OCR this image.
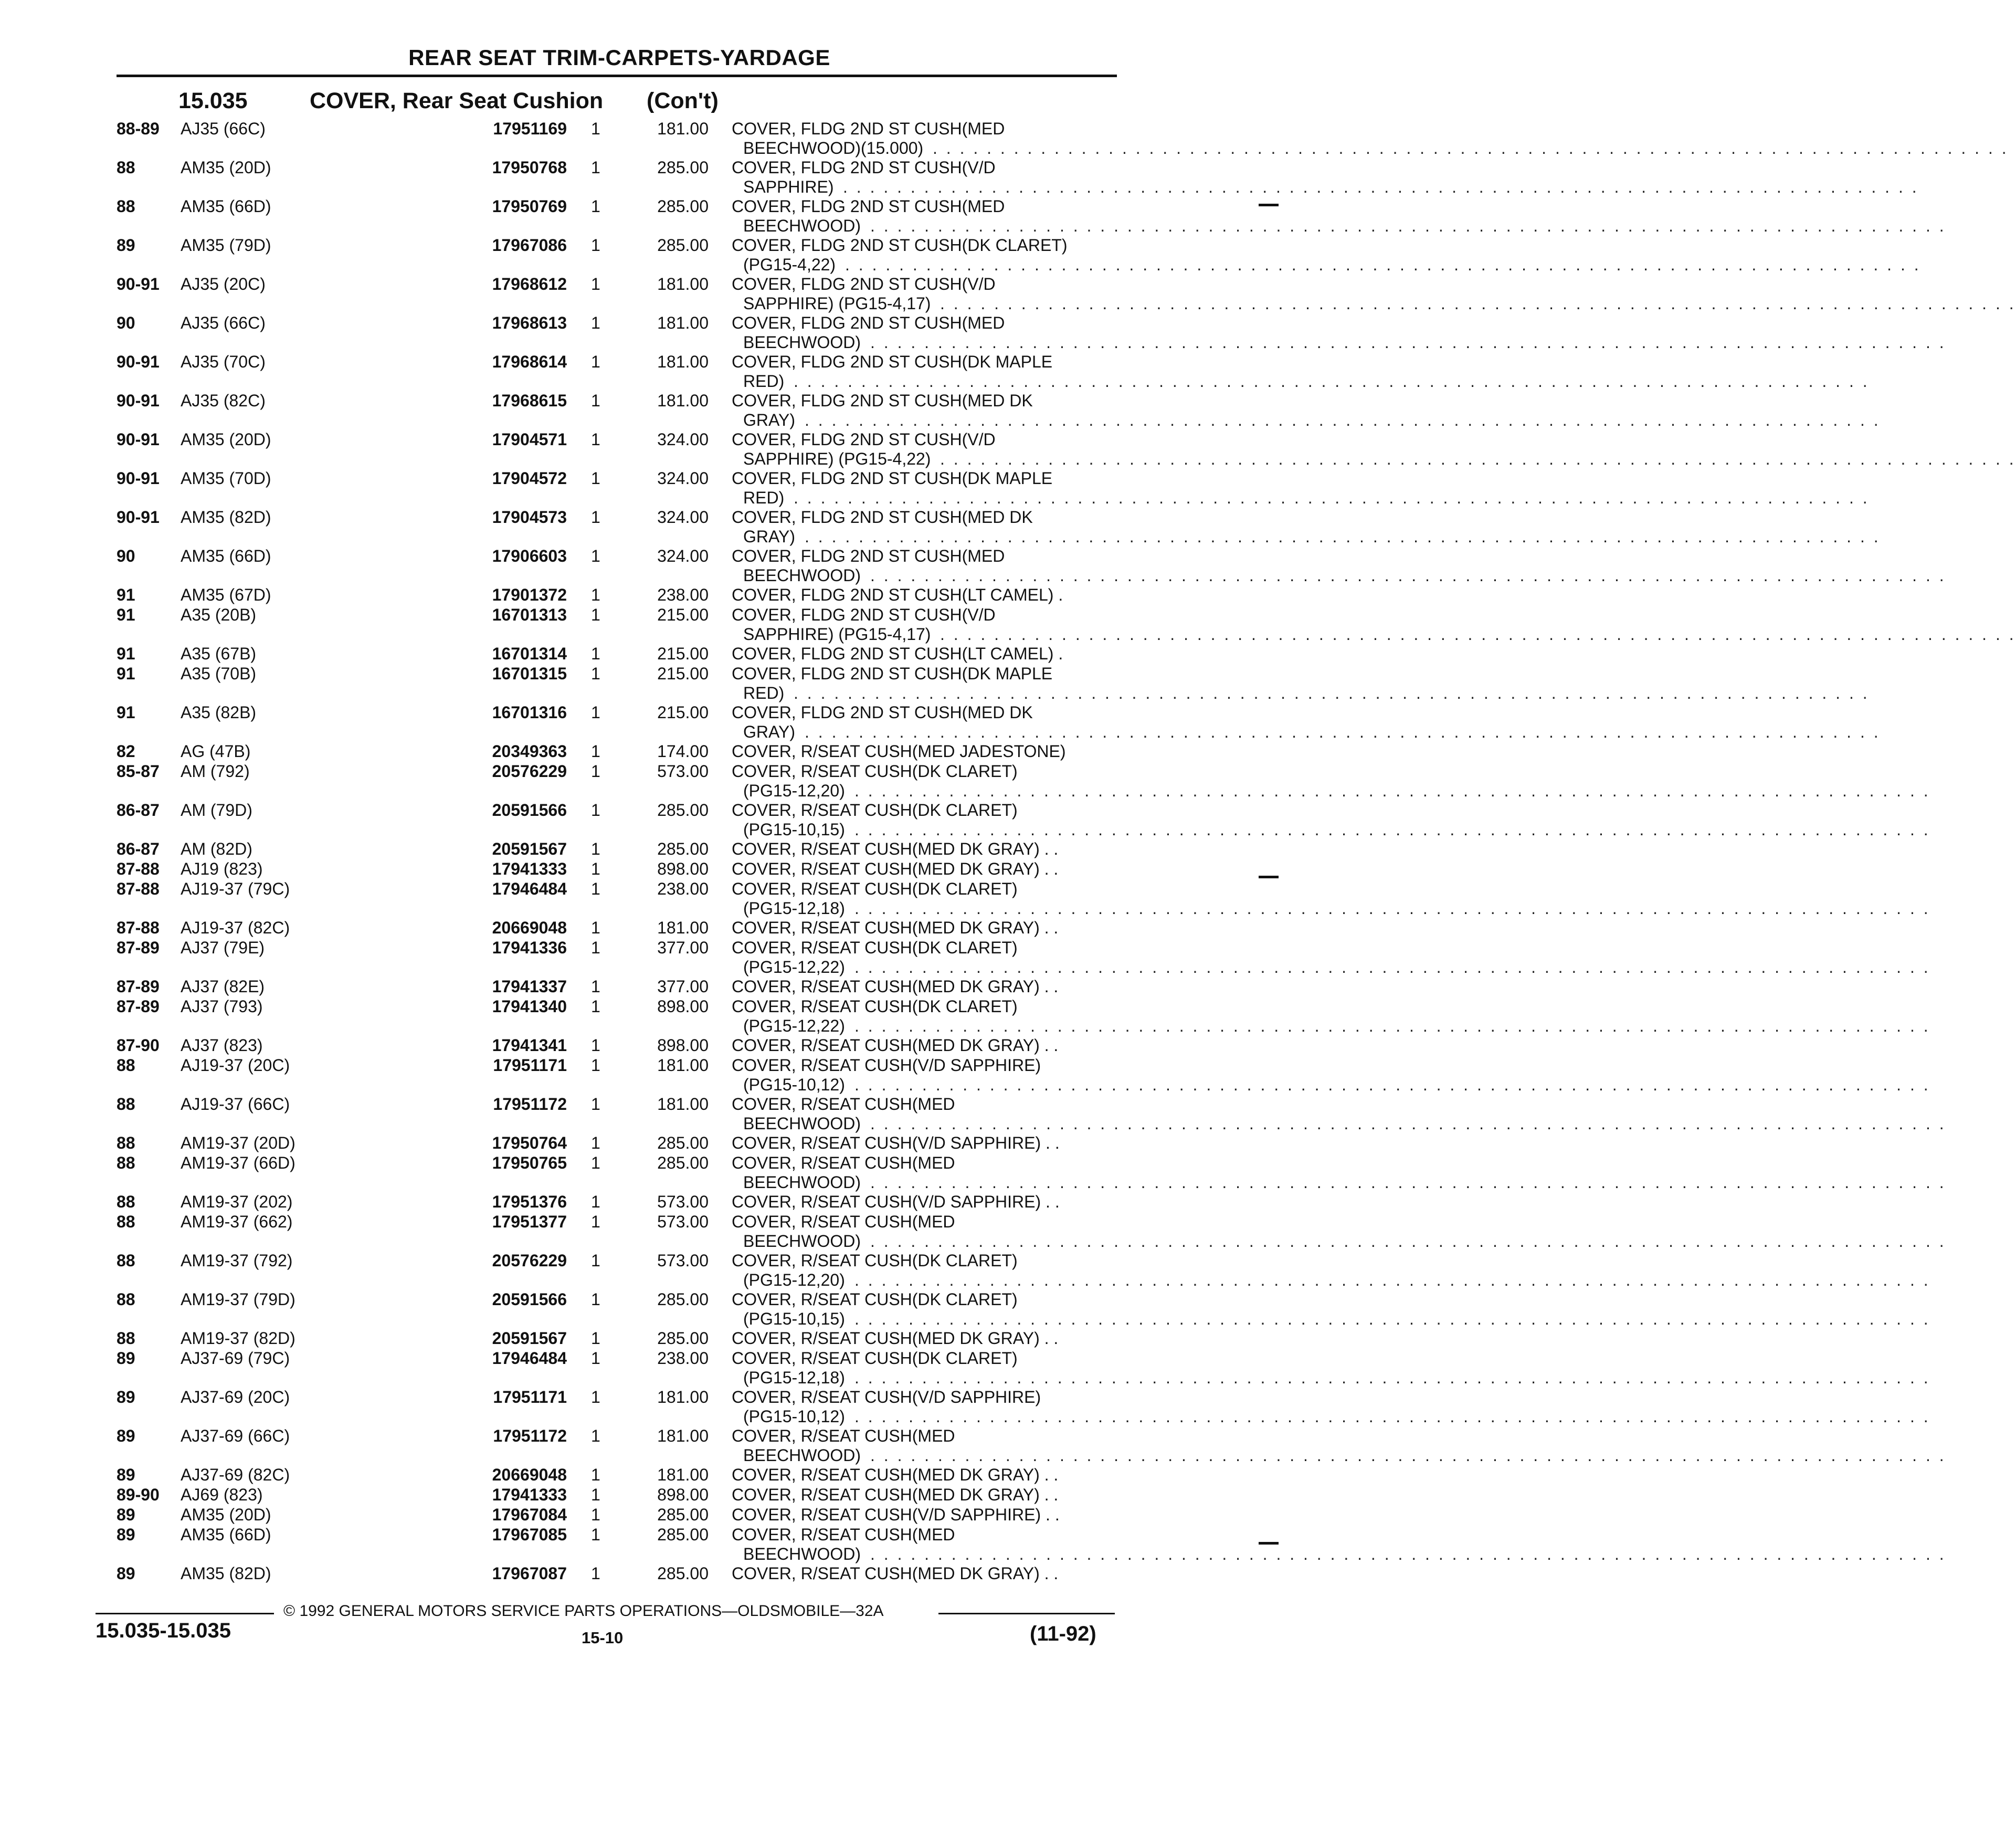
REAR SEAT TRIM-CARPETS-YARDAGE
15.035	COVER, Rear Seat Cushion (Con't)
88-89 AJ35 (66C)	17951169 1	181.00 COVER, FLDG 2ND ST CUSH(MED
BEECHWOOD)(15.000) . . . . . . . . . . . . . . . . . . . . . . . . . . . . . . . . . . . . . . . . . . . . . . . . . . . . . . . . . . . . . . . . . . . . . . . . . . . . . . . .
88	AM35 (20D)	17950768 1	285.00 COVER, FLDG 2ND ST CUSH(V/D
SAPPHIRE) . . . . . . . . . . . . . . . . . . . . . . . . . . . . . . . . . . . . . . . . . . . . . . . . . . . . . . . . . . . . . . . . . . . . . . . . . . . . . . . .
88	AM35 (66D)	17950769 1	285.00 COVER, FLDG 2ND ST CUSH(MED
BEECHWOOD) . . . . . . . . . . . . . . . . . . . . . . . . . . . . . . . . . . . . . . . . . . . . . . . . . . . . . . . . . . . . . . . . . . . . . . . . . . . . . . . .
89	AM35 (79D)	17967086 1	285.00 COVER, FLDG 2ND ST CUSH(DK CLARET)
(PG15-4,22) . . . . . . . . . . . . . . . . . . . . . . . . . . . . . . . . . . . . . . . . . . . . . . . . . . . . . . . . . . . . . . . . . . . . . . . . . . . . . . . .
90-91 AJ35 (20C)	17968612 1	181.00 COVER, FLDG 2ND ST CUSH(V/D
SAPPHIRE) (PG15-4,17) . . . . . . . . . . . . . . . . . . . . . . . . . . . . . . . . . . . . . . . . . . . . . . . . . . . . . . . . . . . . . . . . . . . . . . . . . . . . . . . .
90	AJ35 (66C)	17968613 1	181.00 COVER, FLDG 2ND ST CUSH(MED
BEECHWOOD) . . . . . . . . . . . . . . . . . . . . . . . . . . . . . . . . . . . . . . . . . . . . . . . . . . . . . . . . . . . . . . . . . . . . . . . . . . . . . . . .
90-91 AJ35 (70C)	17968614 1	181.00 COVER, FLDG 2ND ST CUSH(DK MAPLE
RED) . . . . . . . . . . . . . . . . . . . . . . . . . . . . . . . . . . . . . . . . . . . . . . . . . . . . . . . . . . . . . . . . . . . . . . . . . . . . . . . .
90-91 AJ35 (82C)	17968615 1	181.00 COVER, FLDG 2ND ST CUSH(MED DK
GRAY) . . . . . . . . . . . . . . . . . . . . . . . . . . . . . . . . . . . . . . . . . . . . . . . . . . . . . . . . . . . . . . . . . . . . . . . . . . . . . . . .
90-91 AM35 (20D)	17904571 1	324.00 COVER, FLDG 2ND ST CUSH(V/D
SAPPHIRE) (PG15-4,22) . . . . . . . . . . . . . . . . . . . . . . . . . . . . . . . . . . . . . . . . . . . . . . . . . . . . . . . . . . . . . . . . . . . . . . . . . . . . . . . .
90-91 AM35 (70D)	17904572 1	324.00 COVER, FLDG 2ND ST CUSH(DK MAPLE
RED) . . . . . . . . . . . . . . . . . . . . . . . . . . . . . . . . . . . . . . . . . . . . . . . . . . . . . . . . . . . . . . . . . . . . . . . . . . . . . . . .
90-91 AM35 (82D)	17904573 1	324.00 COVER, FLDG 2ND ST CUSH(MED DK
GRAY) . . . . . . . . . . . . . . . . . . . . . . . . . . . . . . . . . . . . . . . . . . . . . . . . . . . . . . . . . . . . . . . . . . . . . . . . . . . . . . . .
90	AM35 (66D)	17906603 1	324.00 COVER, FLDG 2ND ST CUSH(MED
BEECHWOOD) . . . . . . . . . . . . . . . . . . . . . . . . . . . . . . . . . . . . . . . . . . . . . . . . . . . . . . . . . . . . . . . . . . . . . . . . . . . . . . . .
91	AM35 (67D)	17901372 1	238.00 COVER, FLDG 2ND ST CUSH(LT CAMEL) .
91	A35 (20B)	16701313 1	215.00 COVER, FLDG 2ND ST CUSH(V/D
SAPPHIRE) (PG15-4,17) . . . . . . . . . . . . . . . . . . . . . . . . . . . . . . . . . . . . . . . . . . . . . . . . . . . . . . . . . . . . . . . . . . . . . . . . . . . . . . . .
91	A35 (67B)	16701314 1	215.00 COVER, FLDG 2ND ST CUSH(LT CAMEL) .
91	A35 (70B)	16701315 1	215.00 COVER, FLDG 2ND ST CUSH(DK MAPLE
RED) . . . . . . . . . . . . . . . . . . . . . . . . . . . . . . . . . . . . . . . . . . . . . . . . . . . . . . . . . . . . . . . . . . . . . . . . . . . . . . . .
91	A35 (82B)	16701316 1	215.00 COVER, FLDG 2ND ST CUSH(MED DK
GRAY) . . . . . . . . . . . . . . . . . . . . . . . . . . . . . . . . . . . . . . . . . . . . . . . . . . . . . . . . . . . . . . . . . . . . . . . . . . . . . . . .
82	AG (47B)	20349363 1	174.00 COVER, R/SEAT CUSH(MED JADESTONE)
85-87 AM (792)	20576229 1	573.00 COVER, R/SEAT CUSH(DK CLARET)
(PG15-12,20) . . . . . . . . . . . . . . . . . . . . . . . . . . . . . . . . . . . . . . . . . . . . . . . . . . . . . . . . . . . . . . . . . . . . . . . . . . . . . . . .
86-87 AM (79D)	20591566 1	285.00 COVER, R/SEAT CUSH(DK CLARET)
(PG15-10,15) . . . . . . . . . . . . . . . . . . . . . . . . . . . . . . . . . . . . . . . . . . . . . . . . . . . . . . . . . . . . . . . . . . . . . . . . . . . . . . . .
86-87 AM (82D)	20591567 1	285.00 COVER, R/SEAT CUSH(MED DK GRAY) . .
87-88 AJ19 (823)	17941333 1	898.00 COVER, R/SEAT CUSH(MED DK GRAY) . .
87-88 AJ19-37 (79C)	17946484 1	238.00 COVER, R/SEAT CUSH(DK CLARET)
(PG15-12,18) . . . . . . . . . . . . . . . . . . . . . . . . . . . . . . . . . . . . . . . . . . . . . . . . . . . . . . . . . . . . . . . . . . . . . . . . . . . . . . . .
87-88 AJ19-37 (82C)	20669048 1	181.00 COVER, R/SEAT CUSH(MED DK GRAY) . .
87-89 AJ37 (79E)	17941336 1	377.00 COVER, R/SEAT CUSH(DK CLARET)
(PG15-12,22) . . . . . . . . . . . . . . . . . . . . . . . . . . . . . . . . . . . . . . . . . . . . . . . . . . . . . . . . . . . . . . . . . . . . . . . . . . . . . . . .
87-89 AJ37 (82E)	17941337 1	377.00 COVER, R/SEAT CUSH(MED DK GRAY) . .
87-89 AJ37 (793)	17941340 1	898.00 COVER, R/SEAT CUSH(DK CLARET)
(PG15-12,22) . . . . . . . . . . . . . . . . . . . . . . . . . . . . . . . . . . . . . . . . . . . . . . . . . . . . . . . . . . . . . . . . . . . . . . . . . . . . . . . .
87-90 AJ37 (823)	17941341 1	898.00 COVER, R/SEAT CUSH(MED DK GRAY) . .
88	AJ19-37 (20C)	17951171 1	181.00 COVER, R/SEAT CUSH(V/D SAPPHIRE)
(PG15-10,12) . . . . . . . . . . . . . . . . . . . . . . . . . . . . . . . . . . . . . . . . . . . . . . . . . . . . . . . . . . . . . . . . . . . . . . . . . . . . . . . .
88	AJ19-37 (66C)	17951172 1	181.00 COVER, R/SEAT CUSH(MED
BEECHWOOD) . . . . . . . . . . . . . . . . . . . . . . . . . . . . . . . . . . . . . . . . . . . . . . . . . . . . . . . . . . . . . . . . . . . . . . . . . . . . . . . .
88	AM19-37 (20D)	17950764 1	285.00 COVER, R/SEAT CUSH(V/D SAPPHIRE) . .
88	AM19-37 (66D)	17950765 1	285.00 COVER, R/SEAT CUSH(MED
BEECHWOOD) . . . . . . . . . . . . . . . . . . . . . . . . . . . . . . . . . . . . . . . . . . . . . . . . . . . . . . . . . . . . . . . . . . . . . . . . . . . . . . . .
88	AM19-37 (202)	17951376 1	573.00 COVER, R/SEAT CUSH(V/D SAPPHIRE) . .
88	AM19-37 (662)	17951377 1	573.00 COVER, R/SEAT CUSH(MED
BEECHWOOD) . . . . . . . . . . . . . . . . . . . . . . . . . . . . . . . . . . . . . . . . . . . . . . . . . . . . . . . . . . . . . . . . . . . . . . . . . . . . . . . .
88	AM19-37 (792)	20576229 1	573.00 COVER, R/SEAT CUSH(DK CLARET)
(PG15-12,20) . . . . . . . . . . . . . . . . . . . . . . . . . . . . . . . . . . . . . . . . . . . . . . . . . . . . . . . . . . . . . . . . . . . . . . . . . . . . . . . .
88	AM19-37 (79D)	20591566 1	285.00 COVER, R/SEAT CUSH(DK CLARET)
(PG15-10,15) . . . . . . . . . . . . . . . . . . . . . . . . . . . . . . . . . . . . . . . . . . . . . . . . . . . . . . . . . . . . . . . . . . . . . . . . . . . . . . . .
88	AM19-37 (82D)	20591567 1	285.00 COVER, R/SEAT CUSH(MED DK GRAY) . .
89	AJ37-69 (79C)	17946484 1	238.00 COVER, R/SEAT CUSH(DK CLARET)
(PG15-12,18) . . . . . . . . . . . . . . . . . . . . . . . . . . . . . . . . . . . . . . . . . . . . . . . . . . . . . . . . . . . . . . . . . . . . . . . . . . . . . . . .
89	AJ37-69 (20C)	17951171 1	181.00 COVER, R/SEAT CUSH(V/D SAPPHIRE)
(PG15-10,12) . . . . . . . . . . . . . . . . . . . . . . . . . . . . . . . . . . . . . . . . . . . . . . . . . . . . . . . . . . . . . . . . . . . . . . . . . . . . . . . .
89	AJ37-69 (66C)	17951172 1	181.00 COVER, R/SEAT CUSH(MED
BEECHWOOD) . . . . . . . . . . . . . . . . . . . . . . . . . . . . . . . . . . . . . . . . . . . . . . . . . . . . . . . . . . . . . . . . . . . . . . . . . . . . . . . .
89	AJ37-69 (82C)	20669048 1	181.00 COVER, R/SEAT CUSH(MED DK GRAY) . .
89-90 AJ69 (823)	17941333 1	898.00 COVER, R/SEAT CUSH(MED DK GRAY) . .
89	AM35 (20D)	17967084 1	285.00 COVER, R/SEAT CUSH(V/D SAPPHIRE) . .
89	AM35 (66D)	17967085 1	285.00 COVER, R/SEAT CUSH(MED
BEECHWOOD) . . . . . . . . . . . . . . . . . . . . . . . . . . . . . . . . . . . . . . . . . . . . . . . . . . . . . . . . . . . . . . . . . . . . . . . . . . . . . . . .
89	AM35 (82D)	17967087 1	285.00 COVER, R/SEAT CUSH(MED DK GRAY) . .
© 1992 GENERAL MOTORS SERVICE PARTS OPERATIONS—OLDSMOBILE—32A
15.035-15.035	15-10	(11-92)
